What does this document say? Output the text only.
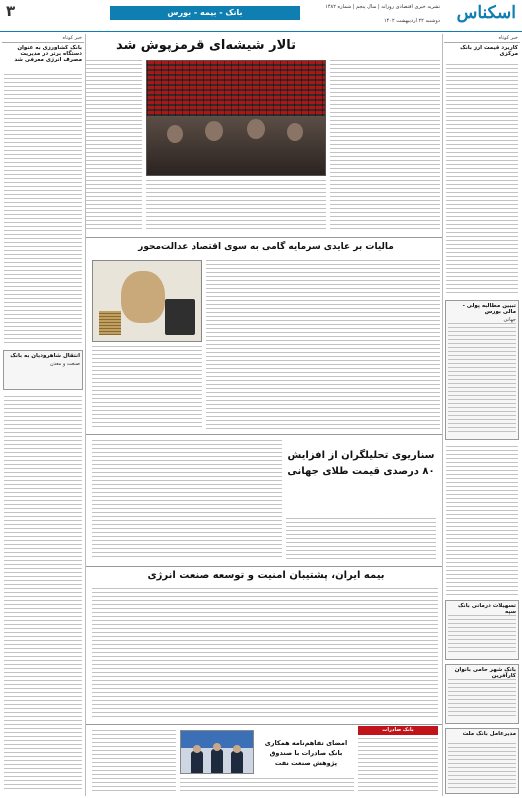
اسکناس
نشریه خبری اقتصادی روزانه | سال پنجم | شماره ۱۴۸۲
دوشنبه ۲۲ اردیبهشت ۱۴۰۲
بانک - بیمه - بورس
۳
خبر کوتاه
کاربرد قیمت ارز بانک مرکزی
تبیین مطالبه پولی - مالی بورس
جهانی
تسهیلات درمانی بانک سپه
بانک شهر حامی بانوان کارآفرین
مدیرعامل بانک ملت
تالار شیشه‌ای قرمزپوش شد
مالیات بر عایدی سرمایه گامی به سوی اقتصاد عدالت‌محور
سناریوی تحلیلگران از افزایش ۸۰ درصدی قیمت طلای جهانی
بیمه ایران، پشتیبان امنیت و توسعه صنعت انرژی
بانک صادرات
امضای تفاهم‌نامه همکاری بانک صادرات با صندوق پژوهش صنعت نفت
خبر کوتاه
بانک کشاورزی به عنوان دستگاه برتر در مدیریت مصرف انرژی معرفی شد
انتقال شاهرودیان به بانک
صنعت و معدن
